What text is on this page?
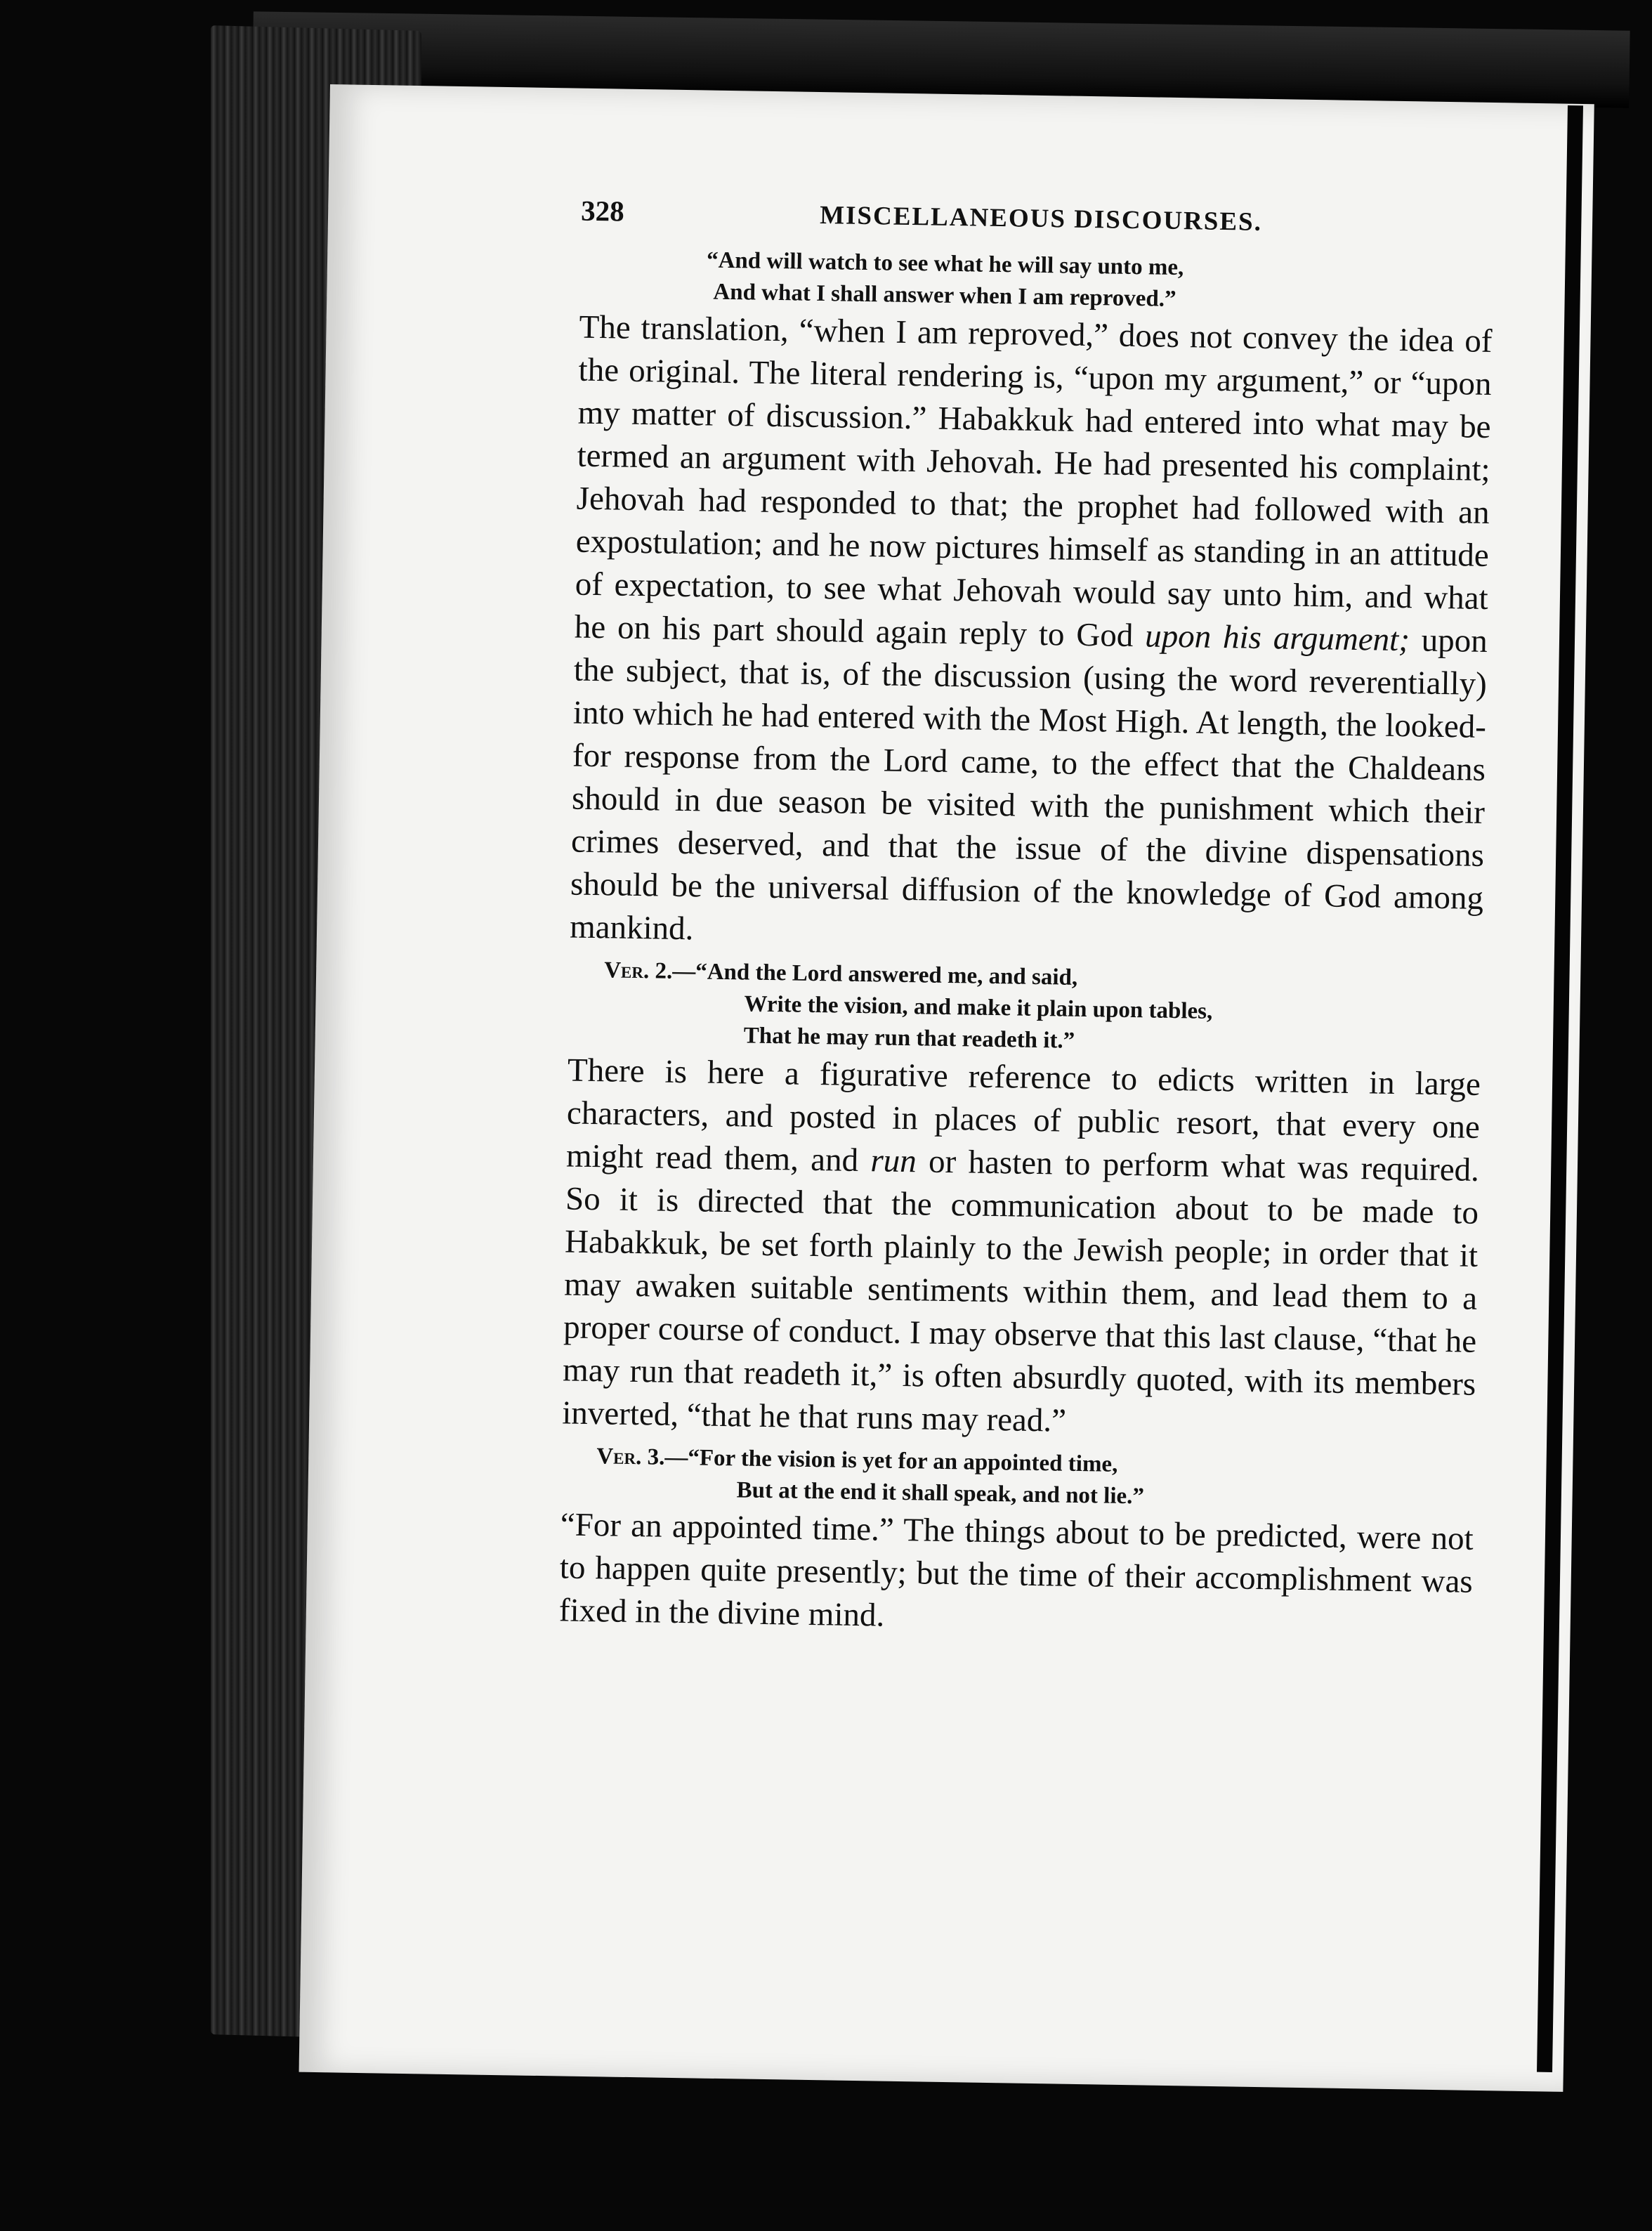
328	MISCELLANEOUS DISCOURSES.
“And will watch to see what he will say unto me,
And what I shall answer when I am reproved.”

The translation, “when I am reproved,” does not convey the idea of the original. The literal rendering is, “upon my argument,” or “upon my matter of discussion.” Habakkuk had entered into what may be termed an argument with Jehovah. He had presented his complaint; Jehovah had responded to that; the prophet had followed with an expostulation; and he now pictures himself as standing in an attitude of expectation, to see what Jehovah would say unto him, and what he on his part should again reply to God upon his argument; upon the subject, that is, of the discussion (using the word reverentially) into which he had entered with the Most High. At length, the looked-for response from the Lord came, to the effect that the Chaldeans should in due season be visited with the punishment which their crimes deserved, and that the issue of the divine dispensations should be the universal diffusion of the knowledge of God among mankind.

Ver. 2.—“And the Lord answered me, and said,
Write the vision, and make it plain upon tables,
That he may run that readeth it.”

There is here a figurative reference to edicts written in large characters, and posted in places of public resort, that every one might read them, and run or hasten to perform what was required. So it is directed that the communication about to be made to Habakkuk, be set forth plainly to the Jewish people; in order that it may awaken suitable sentiments within them, and lead them to a proper course of conduct. I may observe that this last clause, “that he may run that readeth it,” is often absurdly quoted, with its members inverted, “that he that runs may read.”

Ver. 3.—“For the vision is yet for an appointed time,
But at the end it shall speak, and not lie.”

“For an appointed time.” The things about to be predicted, were not to happen quite presently; but the time of their accomplishment was fixed in the divine mind.
